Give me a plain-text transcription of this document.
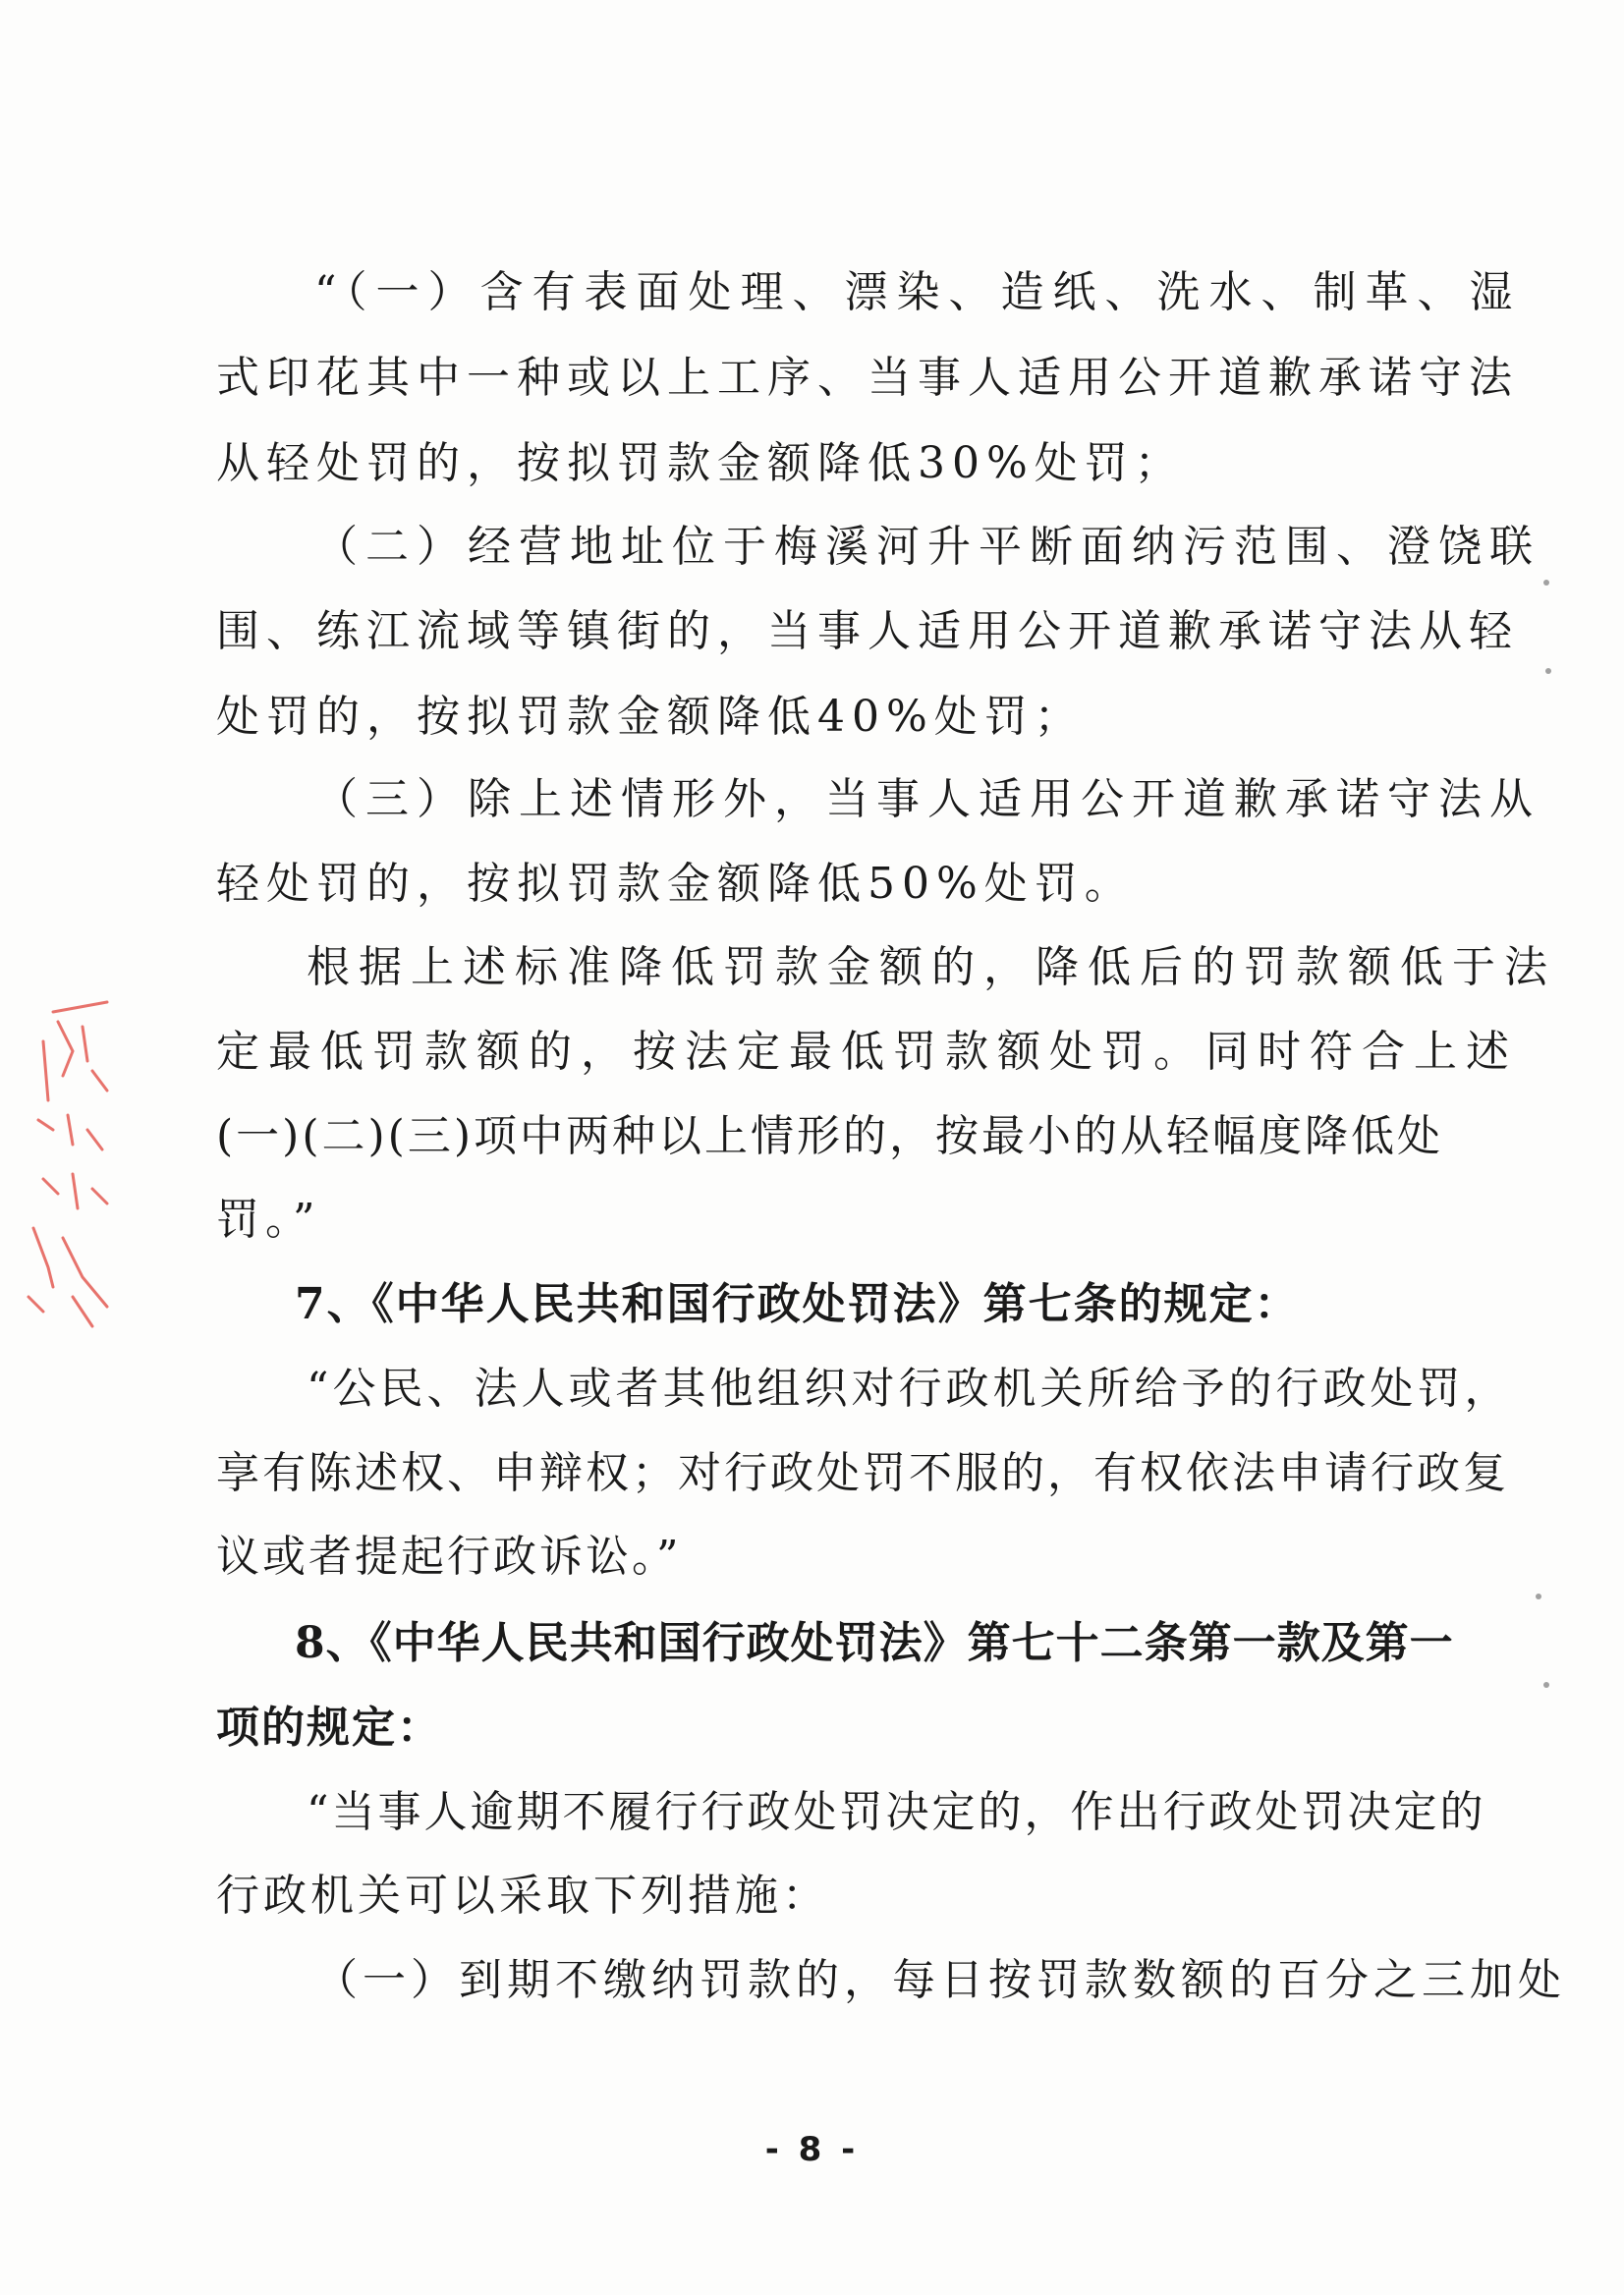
“（一）含有表面处理、漂染、造纸、洗水、制革、湿
式印花其中一种或以上工序、当事人适用公开道歉承诺守法
从轻处罚的，按拟罚款金额降低30%处罚；
（二）经营地址位于梅溪河升平断面纳污范围、澄饶联
围、练江流域等镇街的，当事人适用公开道歉承诺守法从轻
处罚的，按拟罚款金额降低40%处罚；
（三）除上述情形外，当事人适用公开道歉承诺守法从
轻处罚的，按拟罚款金额降低50%处罚。
根据上述标准降低罚款金额的，降低后的罚款额低于法
定最低罚款额的，按法定最低罚款额处罚。同时符合上述
(一)(二)(三)项中两种以上情形的，按最小的从轻幅度降低处
罚。”
7、《中华人民共和国行政处罚法》第七条的规定：
“公民、法人或者其他组织对行政机关所给予的行政处罚，
享有陈述权、申辩权；对行政处罚不服的，有权依法申请行政复
议或者提起行政诉讼。”
8、《中华人民共和国行政处罚法》第七十二条第一款及第一
项的规定：
“当事人逾期不履行行政处罚决定的，作出行政处罚决定的
行政机关可以采取下列措施：
（一）到期不缴纳罚款的，每日按罚款数额的百分之三加处
- 8 -
